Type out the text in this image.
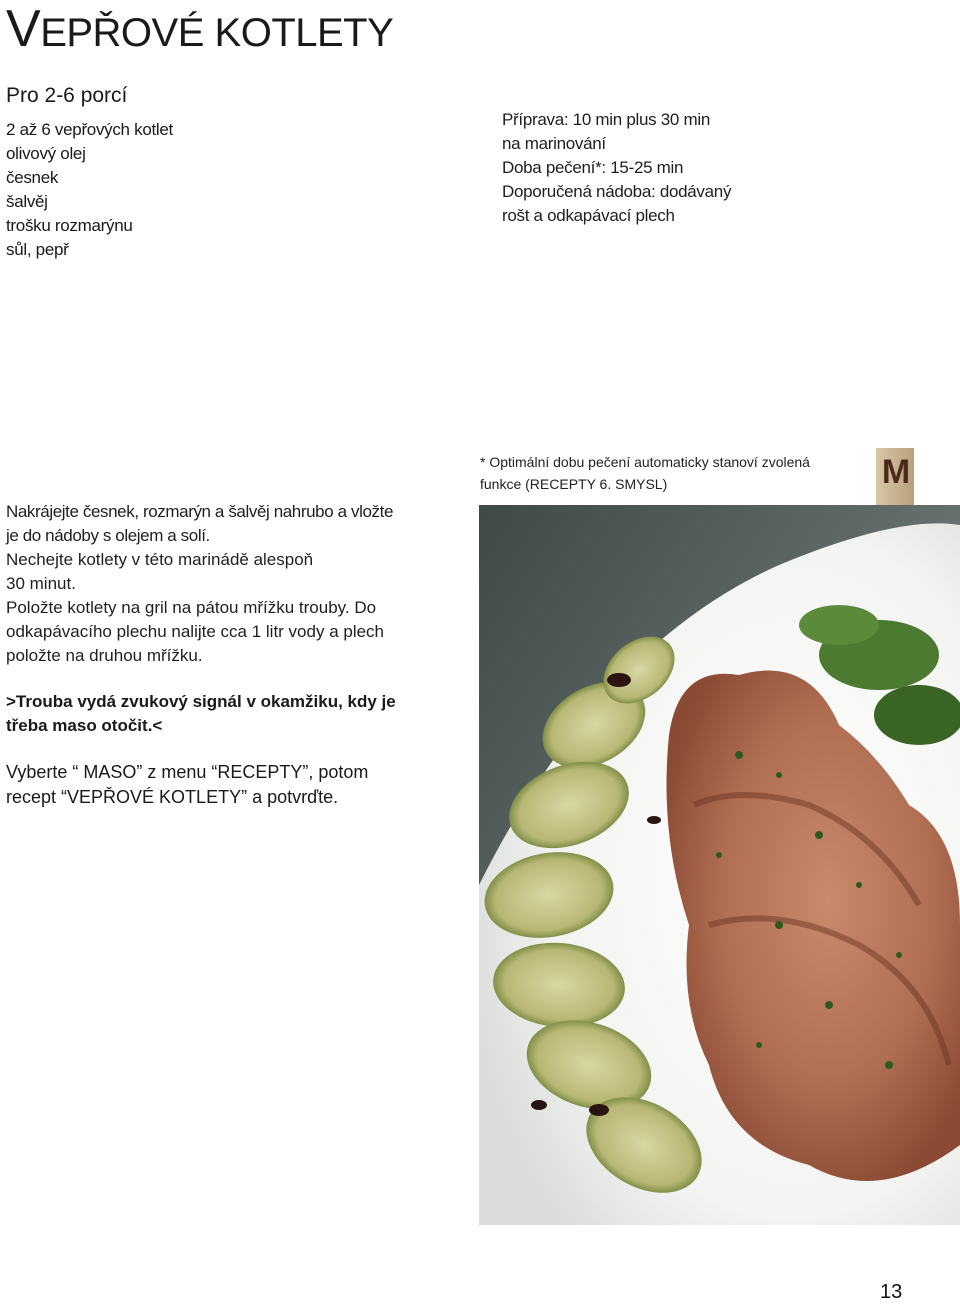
VEPŘOVÉ KOTLETY
Pro 2-6 porcí
2 až 6 vepřových kotlet
olivový olej
česnek
šalvěj
trošku rozmarýnu
sůl, pepř
Příprava: 10 min plus 30 min
na marinování
Doba pečení*: 15-25 min
Doporučená nádoba: dodávaný
rošt a odkapávací plech
* Optimální dobu pečení automaticky stanoví zvolená
funkce (RECEPTY 6. SMYSL)	M
Nakrájejte česnek, rozmarýn a šalvěj nahrubo a vložte
je do nádoby s olejem a solí.
Nechejte kotlety v této marinádě alespoň
30 minut.
Položte kotlety na gril na pátou mřížku trouby. Do
odkapávacího plechu nalijte cca 1 litr vody a plech
položte na druhou mřížku.
>Trouba vydá zvukový signál v okamžiku, kdy je
třeba maso otočit.<
Vyberte “ MASO” z menu “RECEPTY”, potom
recept “VEPŘOVÉ KOTLETY” a potvrďte.
13
